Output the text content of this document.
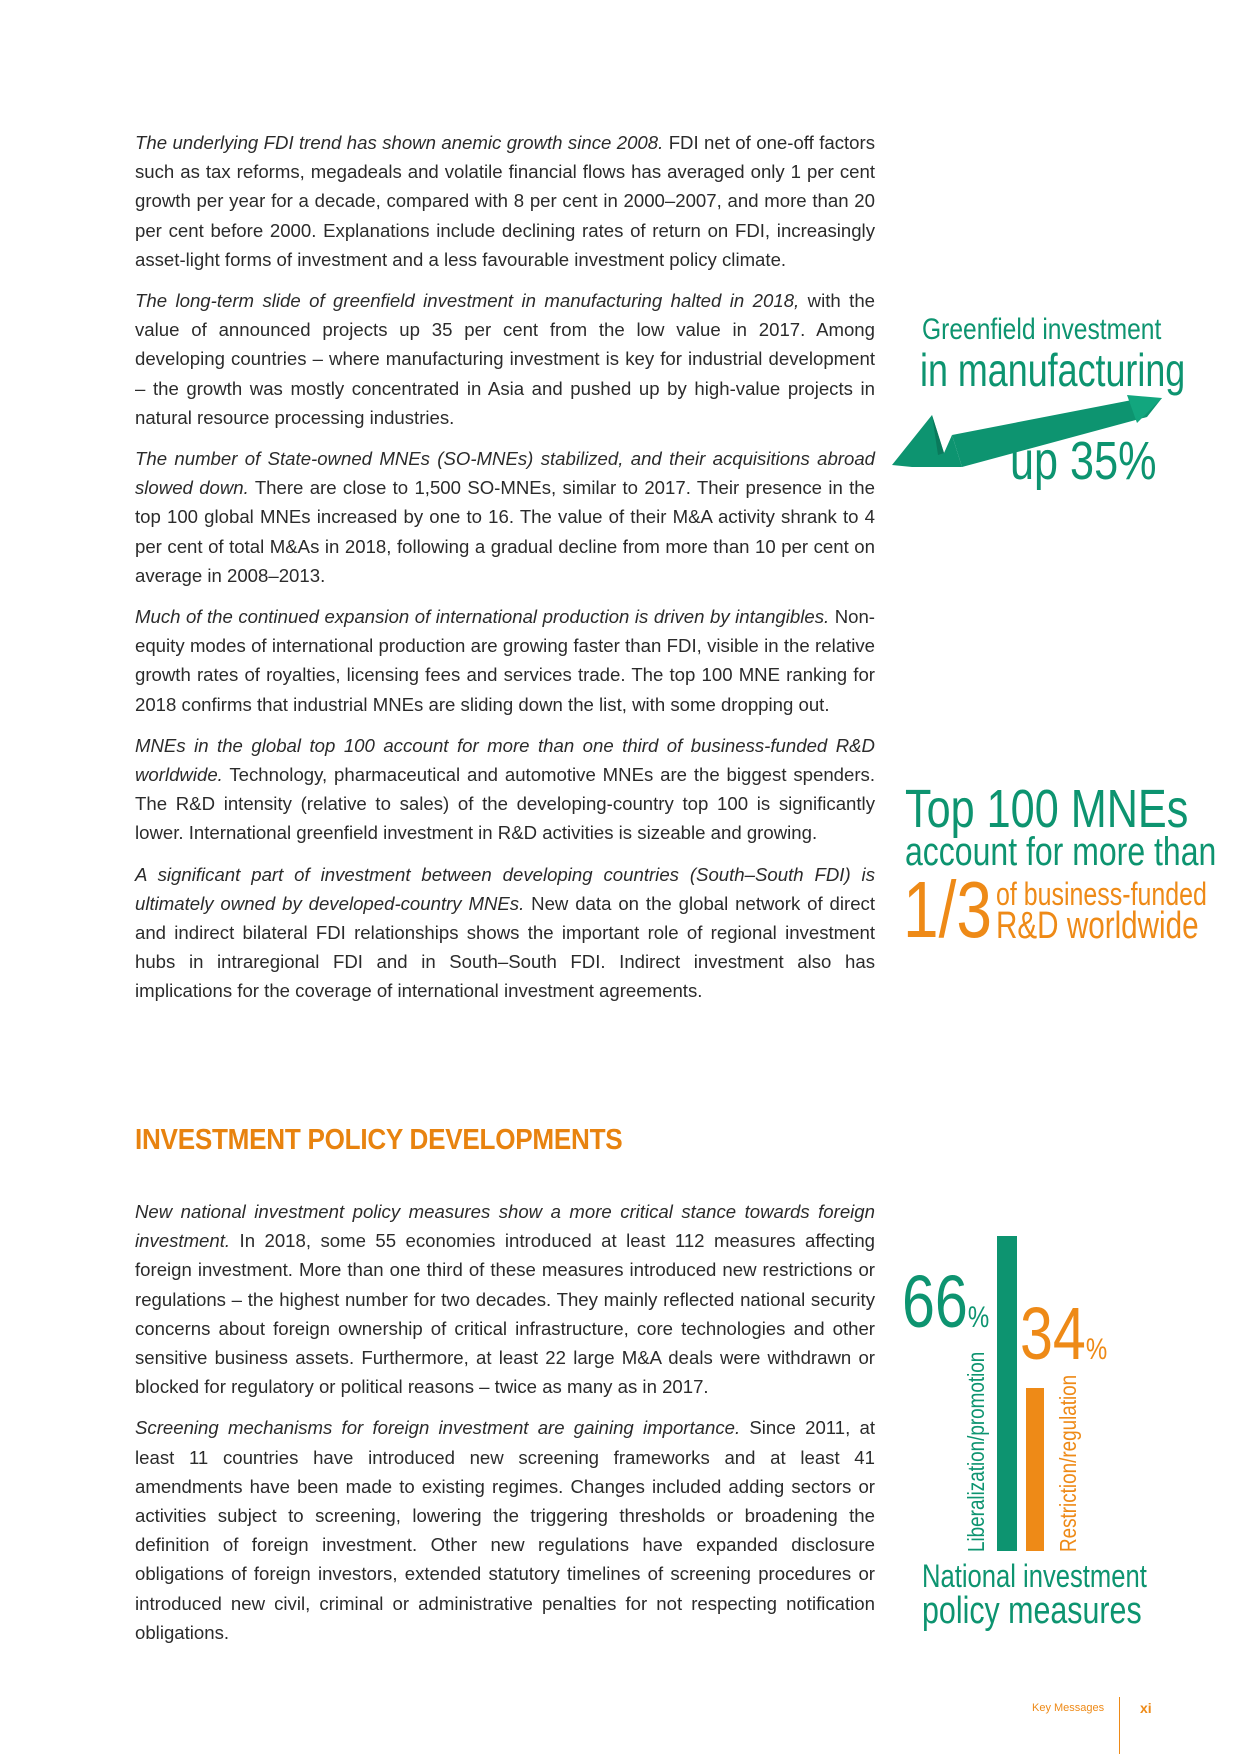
The underlying FDI trend has shown anemic growth since 2008. FDI net of one-off factors such as tax reforms, megadeals and volatile financial flows has averaged only 1 per cent growth per year for a decade, compared with 8 per cent in 2000–2007, and more than 20 per cent before 2000. Explanations include declining rates of return on FDI, increasingly asset-light forms of investment and a less favourable investment policy climate.

The long-term slide of greenfield investment in manufacturing halted in 2018, with the value of announced projects up 35 per cent from the low value in 2017. Among developing countries – where manufacturing investment is key for industrial development – the growth was mostly concentrated in Asia and pushed up by high-value projects in natural resource processing industries.

The number of State-owned MNEs (SO-MNEs) stabilized, and their acquisitions abroad slowed down. There are close to 1,500 SO-MNEs, similar to 2017. Their presence in the top 100 global MNEs increased by one to 16. The value of their M&A activity shrank to 4 per cent of total M&As in 2018, following a gradual decline from more than 10 per cent on average in 2008–2013.

Much of the continued expansion of international production is driven by intangibles. Non-equity modes of international production are growing faster than FDI, visible in the relative growth rates of royalties, licensing fees and services trade. The top 100 MNE ranking for 2018 confirms that industrial MNEs are sliding down the list, with some dropping out.

MNEs in the global top 100 account for more than one third of business-funded R&D worldwide. Technology, pharmaceutical and automotive MNEs are the biggest spenders. The R&D intensity (relative to sales) of the developing-country top 100 is significantly lower. International greenfield investment in R&D activities is sizeable and growing.

A significant part of investment between developing countries (South–South FDI) is ultimately owned by developed-country MNEs. New data on the global network of direct and indirect bilateral FDI relationships shows the important role of regional investment hubs in intraregional FDI and in South–South FDI. Indirect investment also has implications for the coverage of international investment agreements.

INVESTMENT POLICY DEVELOPMENTS

New national investment policy measures show a more critical stance towards foreign investment. In 2018, some 55 economies introduced at least 112 measures affecting foreign investment. More than one third of these measures introduced new restrictions or regulations – the highest number for two decades. They mainly reflected national security concerns about foreign ownership of critical infrastructure, core technologies and other sensitive business assets. Furthermore, at least 22 large M&A deals were withdrawn or blocked for regulatory or political reasons – twice as many as in 2017.

Screening mechanisms for foreign investment are gaining importance. Since 2011, at least 11 countries have introduced new screening frameworks and at least 41 amendments have been made to existing regimes. Changes included adding sectors or activities subject to screening, lowering the triggering thresholds or broadening the definition of foreign investment. Other new regulations have expanded disclosure obligations of foreign investors, extended statutory timelines of screening procedures or introduced new civil, criminal or administrative penalties for not respecting notification obligations.

Greenfield investment
in manufacturing
up 35%
Top 100 MNEs
account for more than
1/3 of business-funded
R&D worldwide
66% 34%
Liberalization/promotion	Restriction/regulation
National investment
policy measures
Key Messages	xi
